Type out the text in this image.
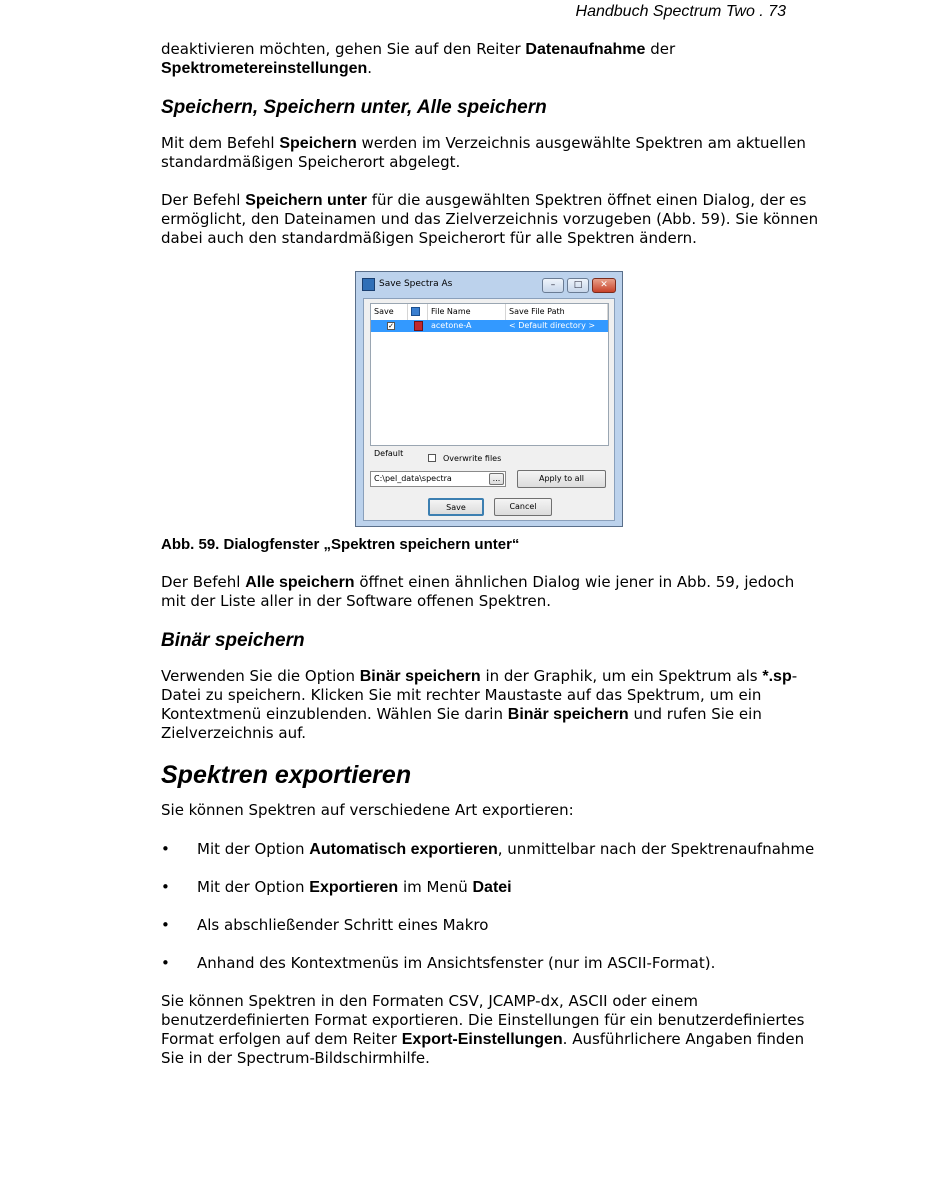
Handbuch Spectrum Two . 73

deaktivieren möchten, gehen Sie auf den Reiter Datenaufnahme der
Spektrometereinstellungen.

Speichern, Speichern unter, Alle speichern

Mit dem Befehl Speichern werden im Verzeichnis ausgewählte Spektren am aktuellen standardmäßigen Speicherort abgelegt.

Der Befehl Speichern unter für die ausgewählten Spektren öffnet einen Dialog, der es ermöglicht, den Dateinamen und das Zielverzeichnis vorzugeben (Abb. 59). Sie können dabei auch den standardmäßigen Speicherort für alle Spektren ändern.

Abb. 59. Dialogfenster „Spektren speichern unter“

Der Befehl Alle speichern öffnet einen ähnlichen Dialog wie jener in Abb. 59, jedoch mit der Liste aller in der Software offenen Spektren.

Binär speichern

Verwenden Sie die Option Binär speichern in der Graphik, um ein Spektrum als *.sp-Datei zu speichern. Klicken Sie mit rechter Maustaste auf das Spektrum, um ein Kontextmenü einzublenden. Wählen Sie darin Binär speichern und rufen Sie ein Zielverzeichnis auf.

Spektren exportieren

Sie können Spektren auf verschiedene Art exportieren:

• Mit der Option Automatisch exportieren, unmittelbar nach der Spektrenaufnahme
• Mit der Option Exportieren im Menü Datei
• Als abschließender Schritt eines Makro
• Anhand des Kontextmenüs im Ansichtsfenster (nur im ASCII-Format).

Sie können Spektren in den Formaten CSV, JCAMP-dx, ASCII oder einem benutzerdefinierten Format exportieren. Die Einstellungen für ein benutzerdefiniertes Format erfolgen auf dem Reiter Export-Einstellungen. Ausführlichere Angaben finden Sie in der Spectrum-Bildschirmhilfe.

Save Spectra As	–	□	✕
Save	File Name	Save File Path
✓	acetone-A	< Default directory >
Default
Overwrite files
C:\pel_data\spectra	...	Apply to all
Save	Cancel
